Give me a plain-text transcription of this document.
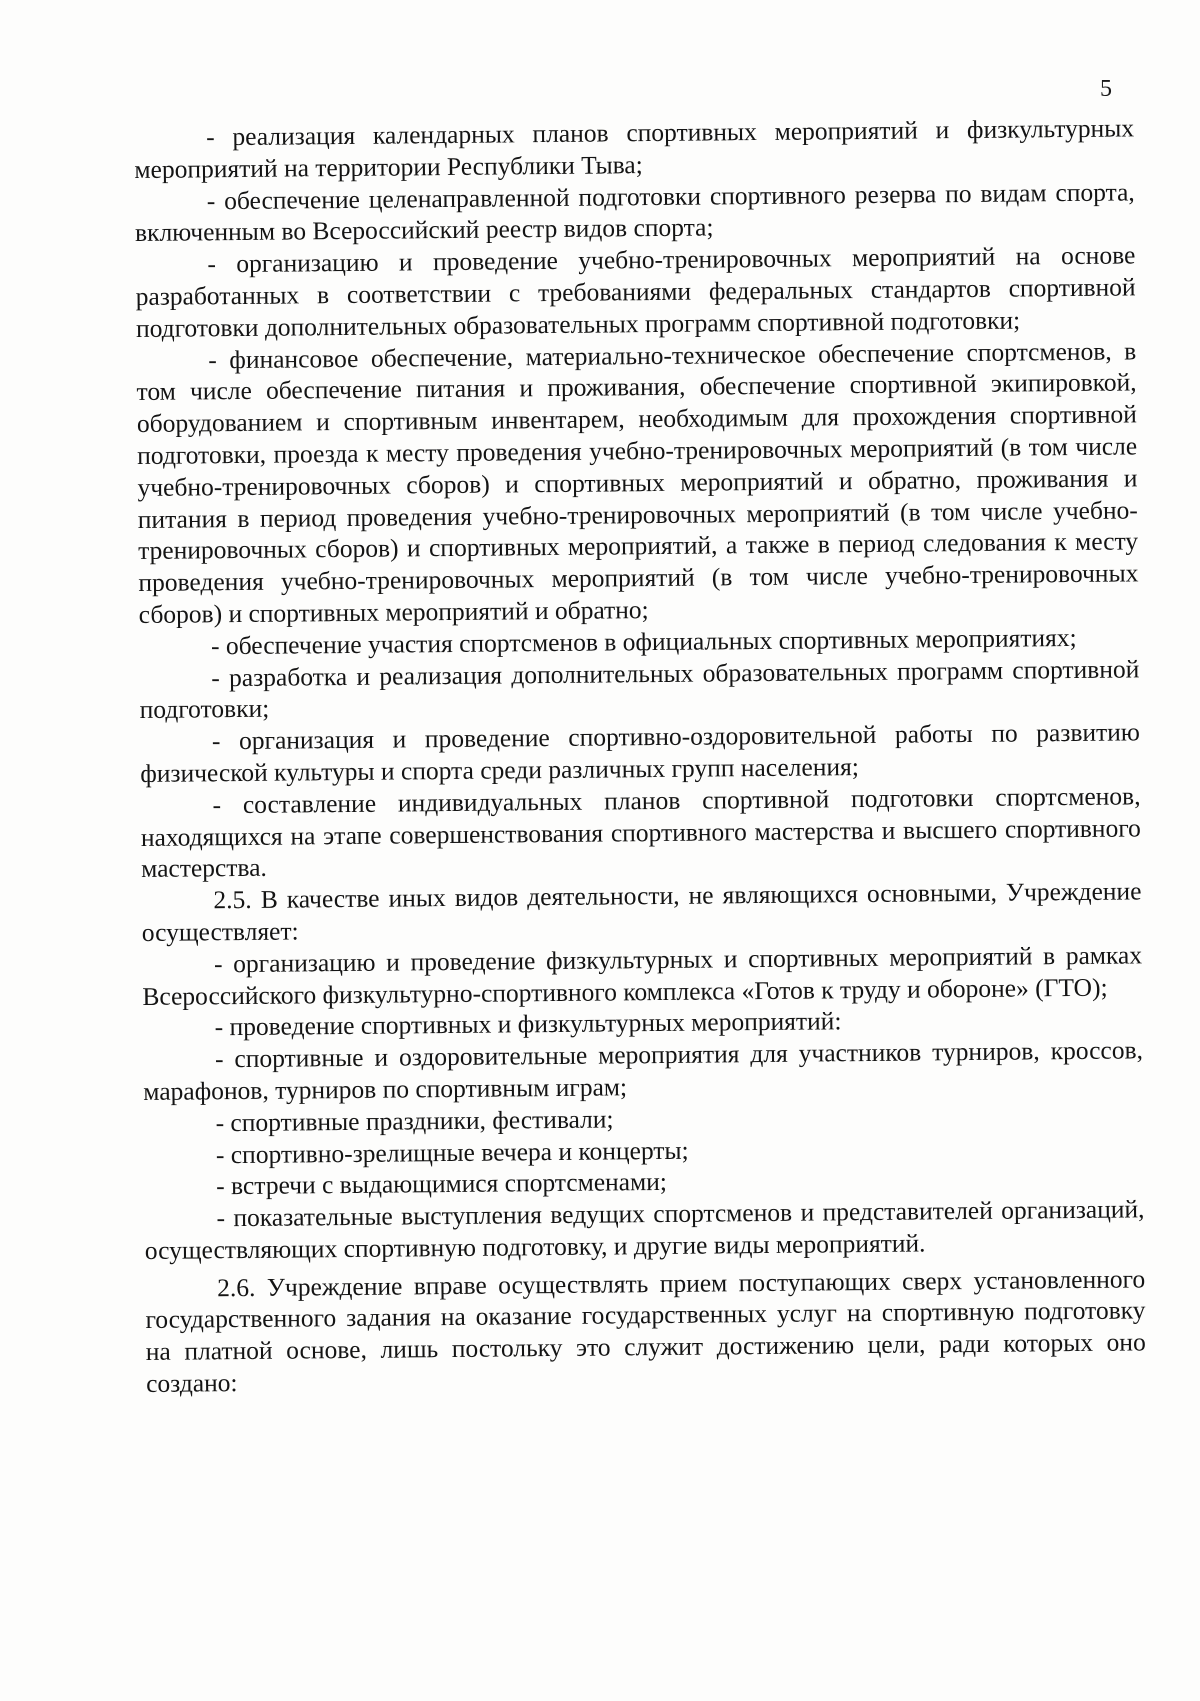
5

- реализация календарных планов спортивных мероприятий и физкультурных мероприятий на территории Республики Тыва;

- обеспечение целенаправленной подготовки спортивного резерва по видам спорта, включенным во Всероссийский реестр видов спорта;

- организацию и проведение учебно-тренировочных мероприятий на основе разработанных в соответствии с требованиями федеральных стандартов спортивной подготовки дополнительных образовательных программ спортивной подготовки;

- финансовое обеспечение, материально-техническое обеспечение спортсменов, в том числе обеспечение питания и проживания, обеспечение спортивной экипировкой, оборудованием и спортивным инвентарем, необходимым для прохождения спортивной подготовки, проезда к месту проведения учебно-тренировочных мероприятий (в том числе учебно-тренировочных сборов) и спортивных мероприятий и обратно, проживания и питания в период проведения учебно-тренировочных мероприятий (в том числе учебно-тренировочных сборов) и спортивных мероприятий, а также в период следования к месту проведения учебно-тренировочных мероприятий (в том числе учебно-тренировочных сборов) и спортивных мероприятий и обратно;

- обеспечение участия спортсменов в официальных спортивных мероприятиях;

- разработка и реализация дополнительных образовательных программ спортивной подготовки;

- организация и проведение спортивно-оздоровительной работы по развитию физической культуры и спорта среди различных групп населения;

- составление индивидуальных планов спортивной подготовки спортсменов, находящихся на этапе совершенствования спортивного мастерства и высшего спортивного мастерства.

2.5. В качестве иных видов деятельности, не являющихся основными, Учреждение осуществляет:

- организацию и проведение физкультурных и спортивных мероприятий в рамках Всероссийского физкультурно-спортивного комплекса «Готов к труду и обороне» (ГТО);

- проведение спортивных и физкультурных мероприятий:

- спортивные и оздоровительные мероприятия для участников турниров, кроссов, марафонов, турниров по спортивным играм;

- спортивные праздники, фестивали;

- спортивно-зрелищные вечера и концерты;

- встречи с выдающимися спортсменами;

- показательные выступления ведущих спортсменов и представителей организаций, осуществляющих спортивную подготовку, и другие виды мероприятий.

2.6. Учреждение вправе осуществлять прием поступающих сверх установленного государственного задания на оказание государственных услуг на спортивную подготовку на платной основе, лишь постольку это служит достижению цели, ради которых оно создано:
